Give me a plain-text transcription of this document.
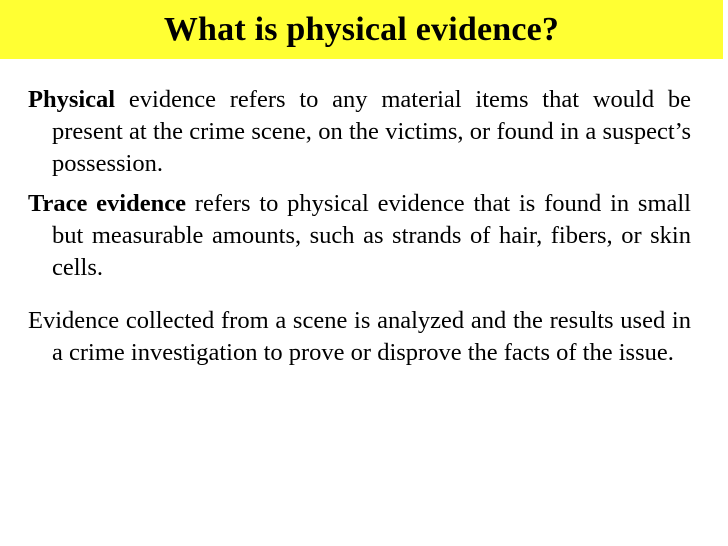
What is physical evidence?

Physical evidence refers to any material items that would be present at the crime scene, on the victims, or found in a suspect’s possession.

Trace evidence refers to physical evidence that is found in small but measurable amounts, such as strands of hair, fibers, or skin cells.

Evidence collected from a scene is analyzed and the results used in a crime investigation to prove or disprove the facts of the issue.
